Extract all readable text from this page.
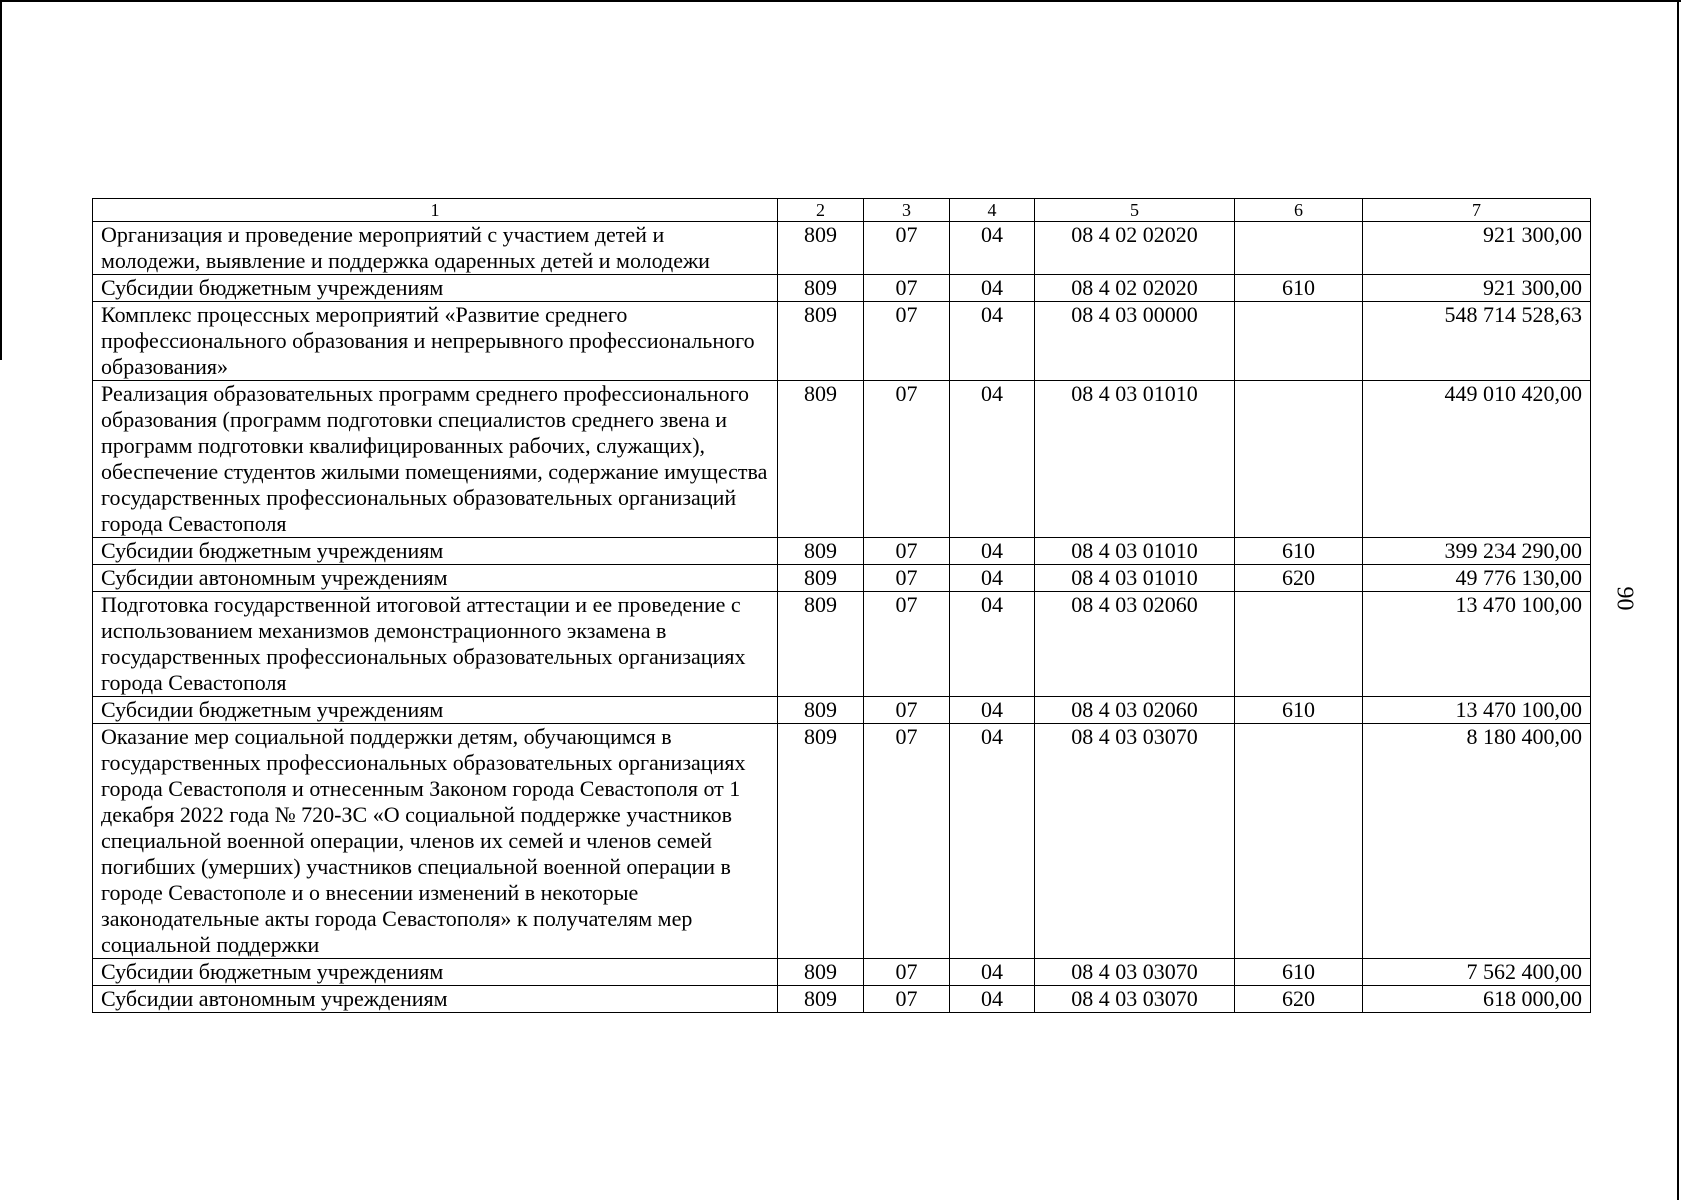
1	2	3	4	5	6	7
Организация и проведение мероприятий с участием детей и молодежи, выявление и поддержка одаренных детей и молодежи	809	07	04	08 4 02 02020		921 300,00
Субсидии бюджетным учреждениям	809	07	04	08 4 02 02020	610	921 300,00
Комплекс процессных мероприятий «Развитие среднего профессионального образования и непрерывного профессионального образования»	809	07	04	08 4 03 00000		548 714 528,63
Реализация образовательных программ среднего профессионального образования (программ подготовки специалистов среднего звена и программ подготовки квалифицированных рабочих, служащих), обеспечение студентов жилыми помещениями, содержание имущества государственных профессиональных образовательных организаций города Севастополя	809	07	04	08 4 03 01010		449 010 420,00
Субсидии бюджетным учреждениям	809	07	04	08 4 03 01010	610	399 234 290,00
Субсидии автономным учреждениям	809	07	04	08 4 03 01010	620	49 776 130,00
Подготовка государственной итоговой аттестации и ее проведение с использованием механизмов демонстрационного экзамена в государственных профессиональных образовательных организациях города Севастополя	809	07	04	08 4 03 02060		13 470 100,00
Субсидии бюджетным учреждениям	809	07	04	08 4 03 02060	610	13 470 100,00
Оказание мер социальной поддержки детям, обучающимся в государственных профессиональных образовательных организациях города Севастополя и отнесенным Законом города Севастополя от 1 декабря 2022 года № 720-ЗС «О социальной поддержке участников специальной военной операции, членов их семей и членов семей погибших (умерших) участников специальной военной операции в городе Севастополе и о внесении изменений в некоторые законодательные акты города Севастополя» к получателям мер социальной поддержки	809	07	04	08 4 03 03070		8 180 400,00
Субсидии бюджетным учреждениям	809	07	04	08 4 03 03070	610	7 562 400,00
Субсидии автономным учреждениям	809	07	04	08 4 03 03070	620	618 000,00
90
